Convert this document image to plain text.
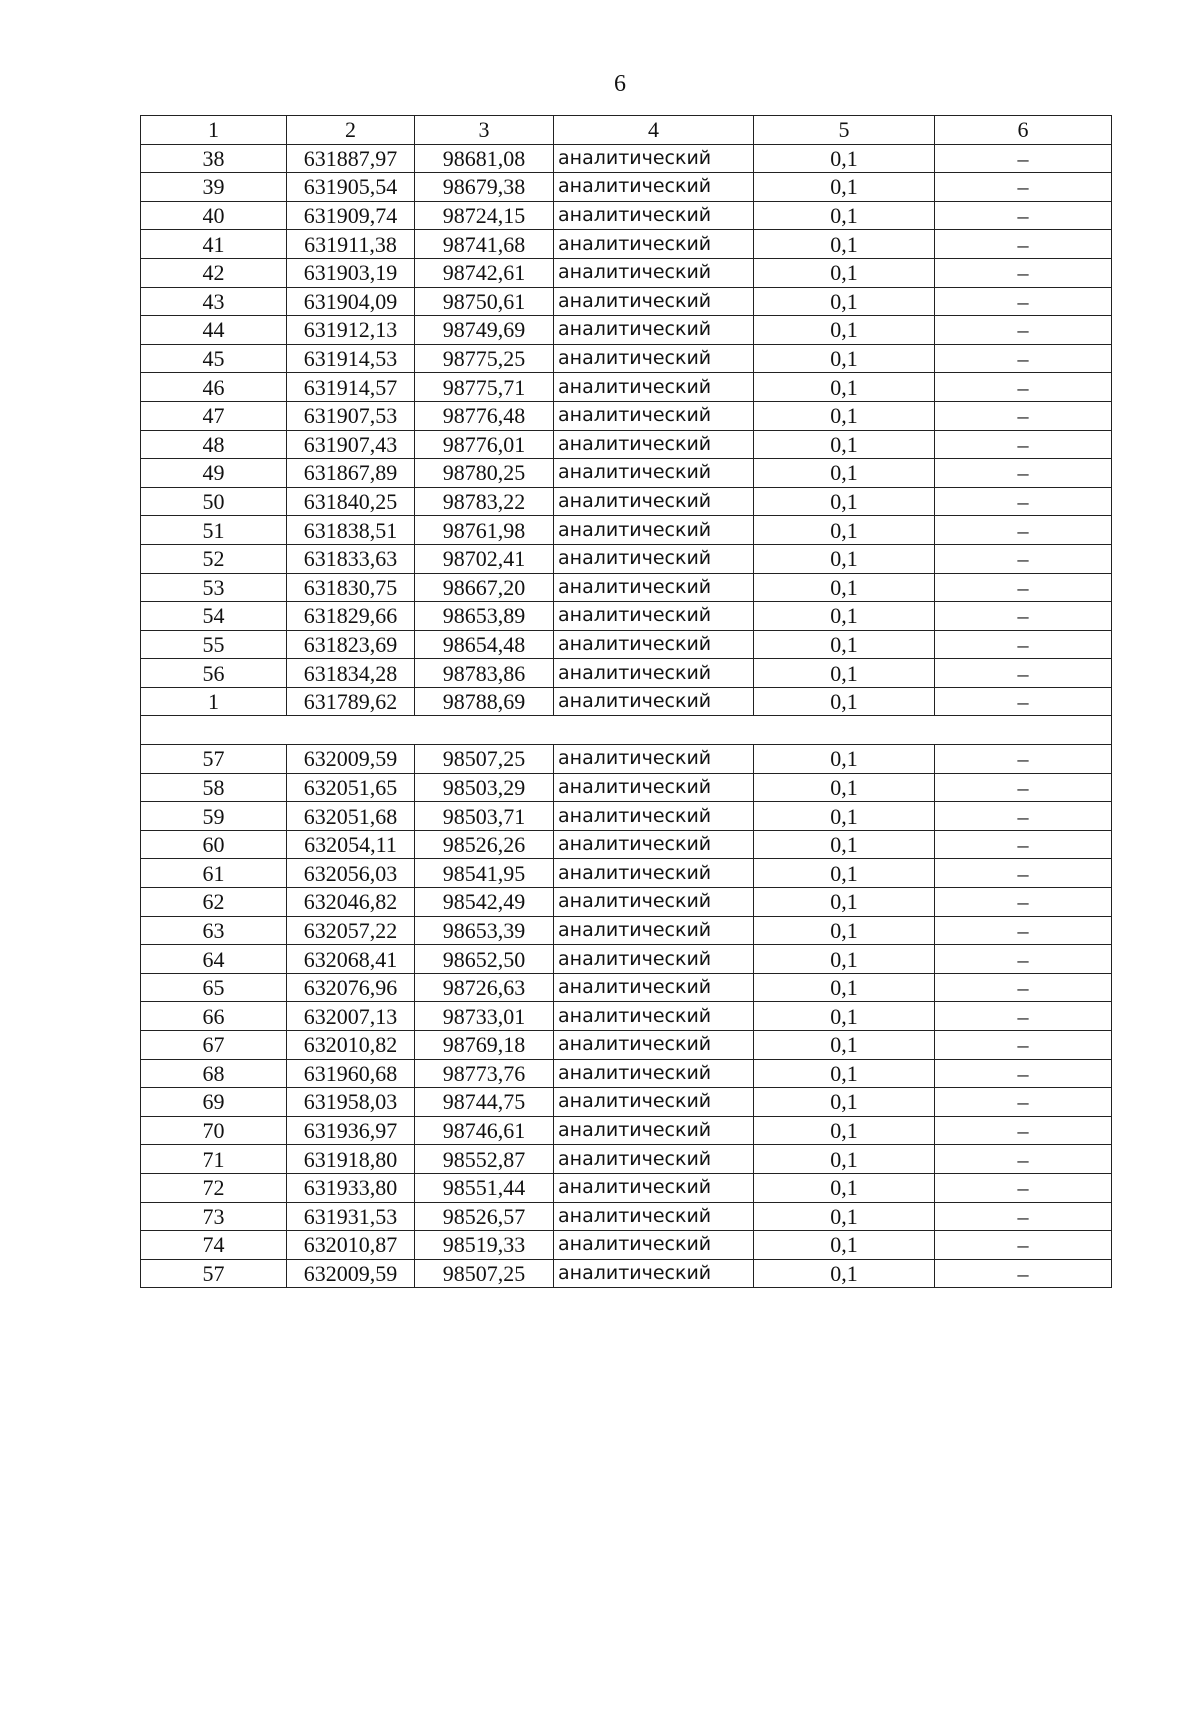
6
1	2	3	4	5	6
38	631887,97	98681,08	аналитический	0,1	–
39	631905,54	98679,38	аналитический	0,1	–
40	631909,74	98724,15	аналитический	0,1	–
41	631911,38	98741,68	аналитический	0,1	–
42	631903,19	98742,61	аналитический	0,1	–
43	631904,09	98750,61	аналитический	0,1	–
44	631912,13	98749,69	аналитический	0,1	–
45	631914,53	98775,25	аналитический	0,1	–
46	631914,57	98775,71	аналитический	0,1	–
47	631907,53	98776,48	аналитический	0,1	–
48	631907,43	98776,01	аналитический	0,1	–
49	631867,89	98780,25	аналитический	0,1	–
50	631840,25	98783,22	аналитический	0,1	–
51	631838,51	98761,98	аналитический	0,1	–
52	631833,63	98702,41	аналитический	0,1	–
53	631830,75	98667,20	аналитический	0,1	–
54	631829,66	98653,89	аналитический	0,1	–
55	631823,69	98654,48	аналитический	0,1	–
56	631834,28	98783,86	аналитический	0,1	–
1	631789,62	98788,69	аналитический	0,1	–

57	632009,59	98507,25	аналитический	0,1	–
58	632051,65	98503,29	аналитический	0,1	–
59	632051,68	98503,71	аналитический	0,1	–
60	632054,11	98526,26	аналитический	0,1	–
61	632056,03	98541,95	аналитический	0,1	–
62	632046,82	98542,49	аналитический	0,1	–
63	632057,22	98653,39	аналитический	0,1	–
64	632068,41	98652,50	аналитический	0,1	–
65	632076,96	98726,63	аналитический	0,1	–
66	632007,13	98733,01	аналитический	0,1	–
67	632010,82	98769,18	аналитический	0,1	–
68	631960,68	98773,76	аналитический	0,1	–
69	631958,03	98744,75	аналитический	0,1	–
70	631936,97	98746,61	аналитический	0,1	–
71	631918,80	98552,87	аналитический	0,1	–
72	631933,80	98551,44	аналитический	0,1	–
73	631931,53	98526,57	аналитический	0,1	–
74	632010,87	98519,33	аналитический	0,1	–
57	632009,59	98507,25	аналитический	0,1	–
